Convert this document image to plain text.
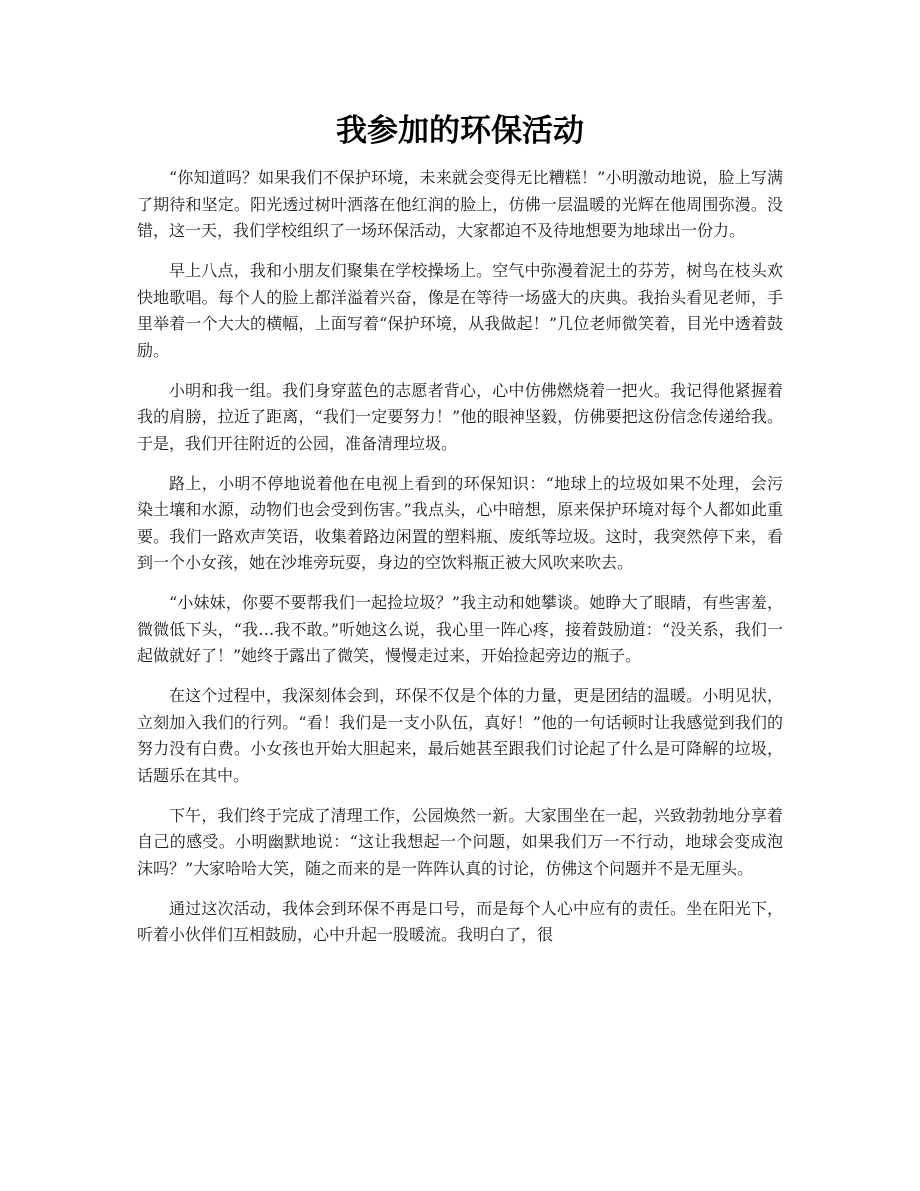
我参加的环保活动

“你知道吗？如果我们不保护环境，未来就会变得无比糟糕！”小明激动地说，脸上写满了期待和坚定。阳光透过树叶洒落在他红润的脸上，仿佛一层温暖的光辉在他周围弥漫。没错，这一天，我们学校组织了一场环保活动，大家都迫不及待地想要为地球出一份力。

早上八点，我和小朋友们聚集在学校操场上。空气中弥漫着泥土的芬芳，树鸟在枝头欢快地歌唱。每个人的脸上都洋溢着兴奋，像是在等待一场盛大的庆典。我抬头看见老师，手里举着一个大大的横幅，上面写着“保护环境，从我做起！”几位老师微笑着，目光中透着鼓励。

小明和我一组。我们身穿蓝色的志愿者背心，心中仿佛燃烧着一把火。我记得他紧握着我的肩膀，拉近了距离，“我们一定要努力！”他的眼神坚毅，仿佛要把这份信念传递给我。于是，我们开往附近的公园，准备清理垃圾。

路上，小明不停地说着他在电视上看到的环保知识：“地球上的垃圾如果不处理，会污染土壤和水源，动物们也会受到伤害。”我点头，心中暗想，原来保护环境对每个人都如此重要。我们一路欢声笑语，收集着路边闲置的塑料瓶、废纸等垃圾。这时，我突然停下来，看到一个小女孩，她在沙堆旁玩耍，身边的空饮料瓶正被大风吹来吹去。

“小妹妹，你要不要帮我们一起捡垃圾？”我主动和她攀谈。她睁大了眼睛，有些害羞，微微低下头，“我…我不敢。”听她这么说，我心里一阵心疼，接着鼓励道：“没关系，我们一起做就好了！”她终于露出了微笑，慢慢走过来，开始捡起旁边的瓶子。

在这个过程中，我深刻体会到，环保不仅是个体的力量，更是团结的温暖。小明见状，立刻加入我们的行列。“看！我们是一支小队伍，真好！”他的一句话顿时让我感觉到我们的努力没有白费。小女孩也开始大胆起来，最后她甚至跟我们讨论起了什么是可降解的垃圾，话题乐在其中。

下午，我们终于完成了清理工作，公园焕然一新。大家围坐在一起，兴致勃勃地分享着自己的感受。小明幽默地说：“这让我想起一个问题，如果我们万一不行动，地球会变成泡沫吗？”大家哈哈大笑，随之而来的是一阵阵认真的讨论，仿佛这个问题并不是无厘头。

通过这次活动，我体会到环保不再是口号，而是每个人心中应有的责任。坐在阳光下，听着小伙伴们互相鼓励，心中升起一股暖流。我明白了，很
